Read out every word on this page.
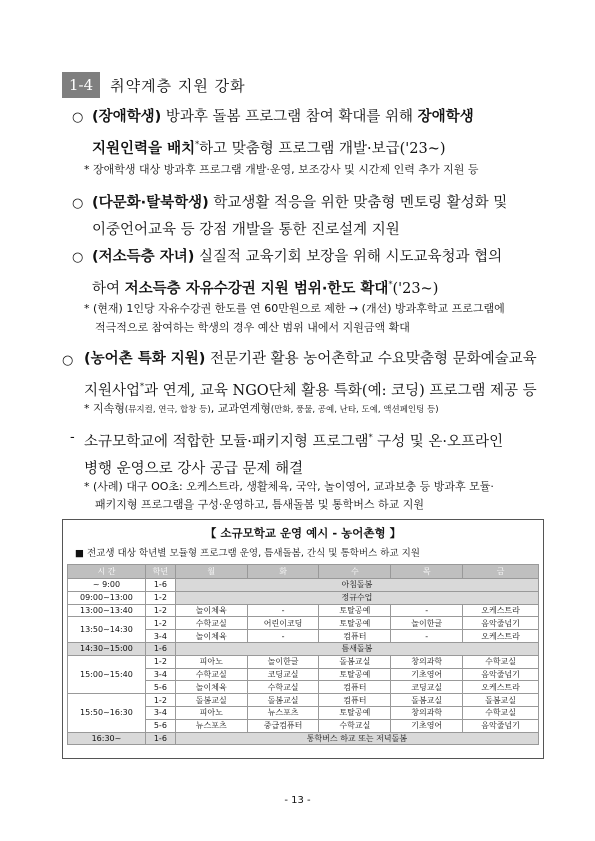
1-4	취약계층 지원 강화
○ (장애학생) 방과후 돌봄 프로그램 참여 확대를 위해 장애학생
지원인력을 배치*하고 맞춤형 프로그램 개발·보급('23~)
* 장애학생 대상 방과후 프로그램 개발·운영, 보조강사 및 시간제 인력 추가 지원 등
○ (다문화·탈북학생) 학교생활 적응을 위한 맞춤형 멘토링 활성화 및
이중언어교육 등 강점 개발을 통한 진로설계 지원
○ (저소득층 자녀) 실질적 교육기회 보장을 위해 시도교육청과 협의
하여 저소득층 자유수강권 지원 범위·한도 확대*('23~)
* (현재) 1인당 자유수강권 한도를 연 60만원으로 제한 → (개선) 방과후학교 프로그램에
적극적으로 참여하는 학생의 경우 예산 범위 내에서 지원금액 확대
○ (농어촌 특화 지원) 전문기관 활용 농어촌학교 수요맞춤형 문화예술교육
지원사업*과 연계, 교육 NGO단체 활용 특화(예: 코딩) 프로그램 제공 등
* 지속형(뮤지컬, 연극, 합창 등), 교과연계형(만화, 풍물, 공예, 난타, 도예, 액션페인팅 등)
- 소규모학교에 적합한 모듈·패키지형 프로그램* 구성 및 온·오프라인
병행 운영으로 강사 공급 문제 해결
* (사례) 대구 OO초: 오케스트라, 생활체육, 국악, 놀이영어, 교과보충 등 방과후 모듈·
패키지형 프로그램을 구성·운영하고, 틈새돌봄 및 통학버스 하교 지원
【 소규모학교 운영 예시 - 농어촌형 】
■ 전교생 대상 학년별 모듈형 프로그램 운영, 틈새돌봄, 간식 및 통학버스 하교 지원
시 간	학년	월	화	수	목	금
~ 9:00	1-6	아침돌봄				
09:00~13:00	1-2	정규수업				
13:00~13:40	1-2	놀이체육	-	토탈공예	-	오케스트라
13:50~14:30	1-2	수학교실	어린이코딩	토탈공예	놀이한글	음악줄넘기
	3-4	놀이체육	-	컴퓨터	-	오케스트라
14:30~15:00	1-6	틈새돌봄				
15:00~15:40	1-2	피아노	놀이한글	돌봄교실	창의과학	수학교실
	3-4	수학교실	코딩교실	토탈공예	기초영어	음악줄넘기
	5-6	놀이체육	수학교실	컴퓨터	코딩교실	오케스트라
15:50~16:30	1-2	돌봄교실	돌봄교실	컴퓨터	돌봄교실	돌봄교실
	3-4	피아노	뉴스포츠	토탈공예	창의과학	수학교실
	5-6	뉴스포츠	중급컴퓨터	수학교실	기초영어	음악줄넘기
16:30~	1-6	통학버스 하교 또는 저녁돌봄				
- 13 -
